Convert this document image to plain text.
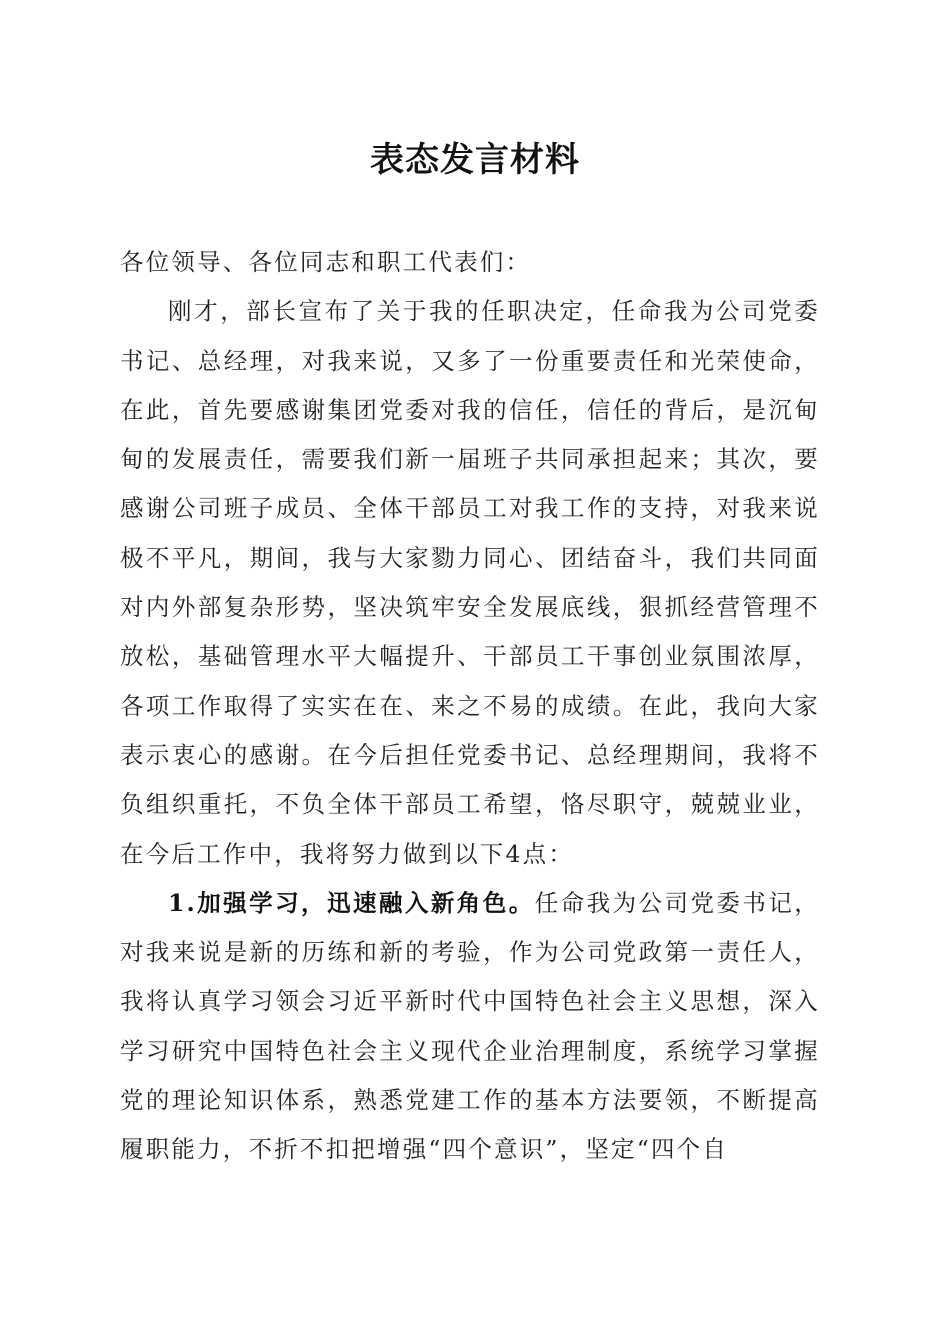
表态发言材料

各位领导、各位同志和职工代表们：

刚才，部长宣布了关于我的任职决定，任命我为公司党委书记、总经理，对我来说，又多了一份重要责任和光荣使命，在此，首先要感谢集团党委对我的信任，信任的背后，是沉甸甸的发展责任，需要我们新一届班子共同承担起来；其次，要感谢公司班子成员、全体干部员工对我工作的支持，对我来说极不平凡，期间，我与大家勠力同心、团结奋斗，我们共同面对内外部复杂形势，坚决筑牢安全发展底线，狠抓经营管理不放松，基础管理水平大幅提升、干部员工干事创业氛围浓厚，各项工作取得了实实在在、来之不易的成绩。在此，我向大家表示衷心的感谢。在今后担任党委书记、总经理期间，我将不负组织重托，不负全体干部员工希望，恪尽职守，兢兢业业，在今后工作中，我将努力做到以下4点：

1.加强学习，迅速融入新角色。任命我为公司党委书记，对我来说是新的历练和新的考验，作为公司党政第一责任人，我将认真学习领会习近平新时代中国特色社会主义思想，深入学习研究中国特色社会主义现代企业治理制度，系统学习掌握党的理论知识体系，熟悉党建工作的基本方法要领，不断提高履职能力，不折不扣把增强“四个意识”，坚定“四个自
